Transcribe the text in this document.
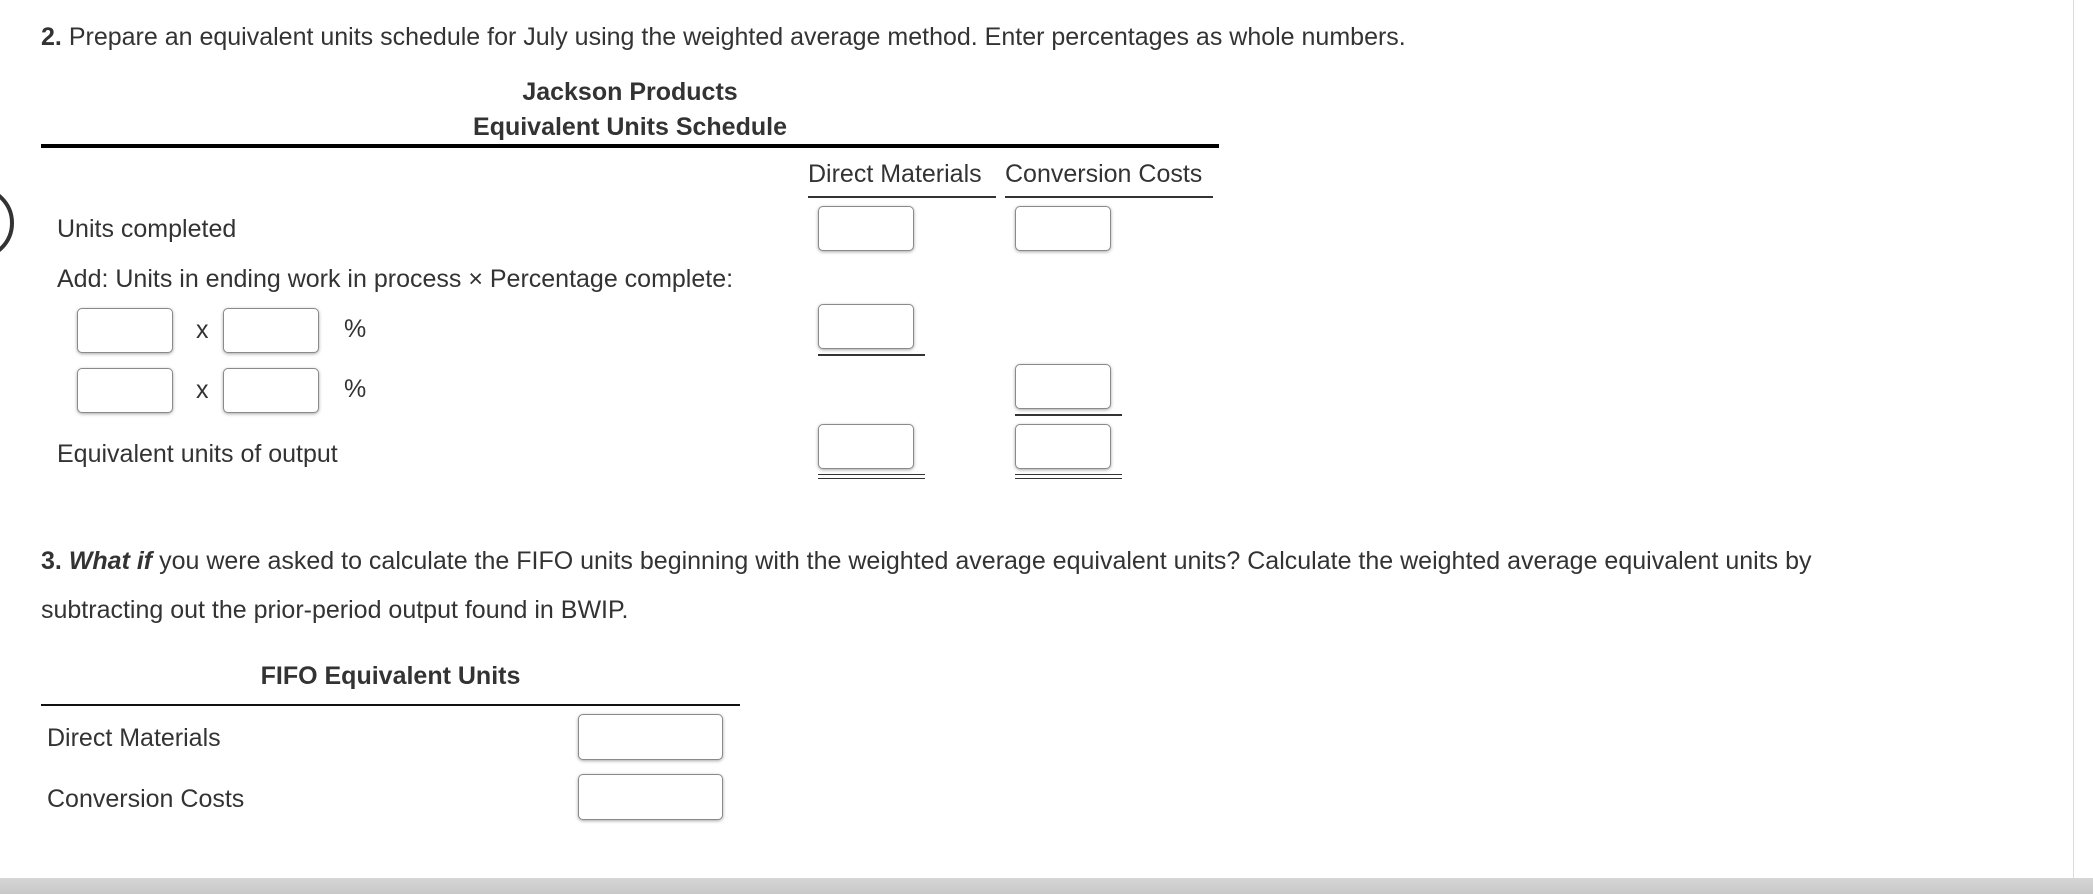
2. Prepare an equivalent units schedule for July using the weighted average method. Enter percentages as whole numbers.
Jackson Products
Equivalent Units Schedule
Direct Materials Conversion Costs
Units completed
Add: Units in ending work in process × Percentage complete:
x	%
x	%
Equivalent units of output
3. What if you were asked to calculate the FIFO units beginning with the weighted average equivalent units? Calculate the weighted average equivalent units by
subtracting out the prior-period output found in BWIP.
FIFO Equivalent Units
Direct Materials
Conversion Costs
